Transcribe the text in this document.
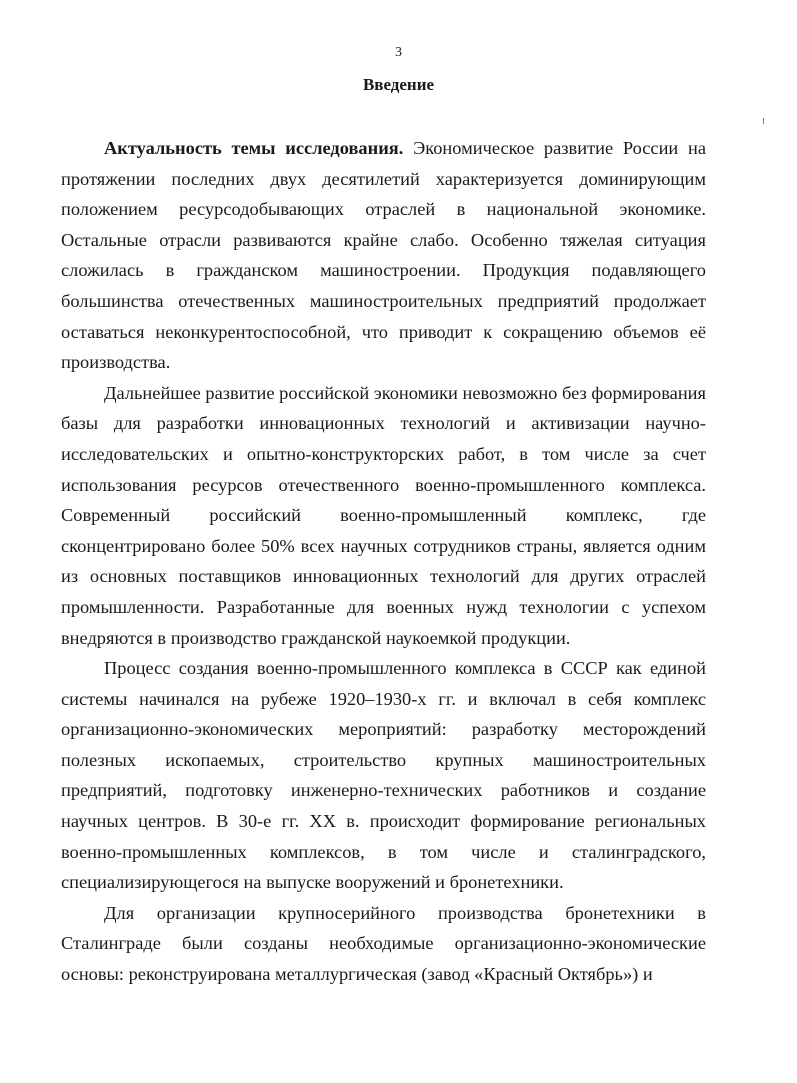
3
Введение

Актуальность темы исследования. Экономическое развитие России на протяжении последних двух десятилетий характеризуется доминирующим положением ресурсодобывающих отраслей в национальной экономике. Остальные отрасли развиваются крайне слабо. Особенно тяжелая ситуация сложилась в гражданском машиностроении. Продукция подавляющего большинства отечественных машиностроительных предприятий продолжает оставаться неконкурентоспособной, что приводит к сокращению объемов её производства.

Дальнейшее развитие российской экономики невозможно без формирования базы для разработки инновационных технологий и активизации научно-исследовательских и опытно-конструкторских работ, в том числе за счет использования ресурсов отечественного военно-промышленного комплекса. Современный российский военно-промышленный комплекс, где сконцентрировано более 50% всех научных сотрудников страны, является одним из основных поставщиков инновационных технологий для других отраслей промышленности. Разработанные для военных нужд технологии с успехом внедряются в производство гражданской наукоемкой продукции.

Процесс создания военно-промышленного комплекса в СССР как единой системы начинался на рубеже 1920–1930-х гг. и включал в себя комплекс организационно-экономических мероприятий: разработку месторождений полезных ископаемых, строительство крупных машиностроительных предприятий, подготовку инженерно-технических работников и создание научных центров. В 30-е гг. XX в. происходит формирование региональных военно-промышленных комплексов, в том числе и сталинградского, специализирующегося на выпуске вооружений и бронетехники.

Для организации крупносерийного производства бронетехники в Сталинграде были созданы необходимые организационно-экономические основы: реконструирована металлургическая (завод «Красный Октябрь») и
